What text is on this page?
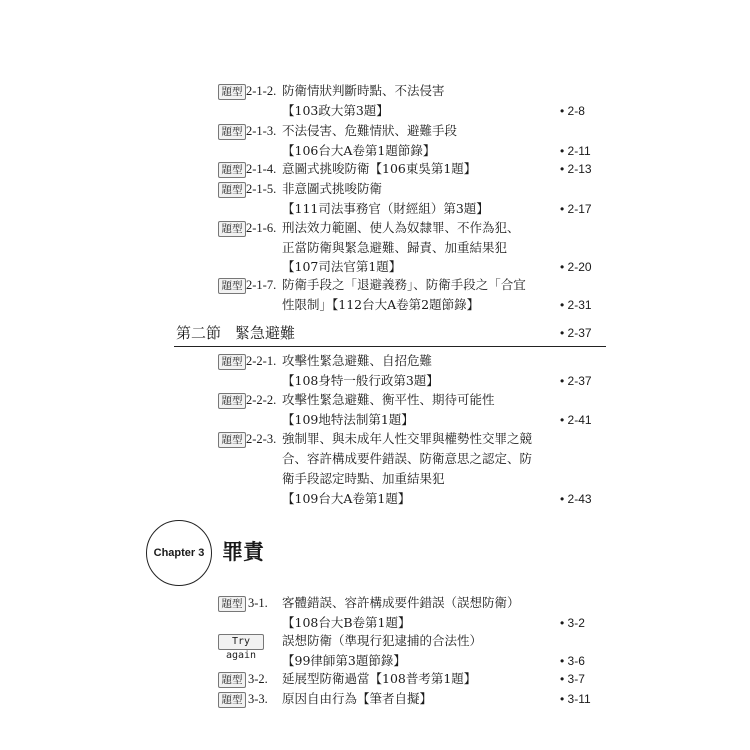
題型 2-1-2. 防衛情狀判斷時點、不法侵害
【103政大第3題】	• 2-8
題型 2-1-3. 不法侵害、危難情狀、避難手段
【106台大A卷第1題節錄】	• 2-11
題型 2-1-4. 意圖式挑唆防衛【106東吳第1題】	• 2-13
題型 2-1-5. 非意圖式挑唆防衛
【111司法事務官（財經組）第3題】	• 2-17
題型 2-1-6. 刑法效力範圍、使人為奴隸罪、不作為犯、
正當防衛與緊急避難、歸責、加重結果犯
【107司法官第1題】	• 2-20
題型 2-1-7. 防衛手段之「退避義務」、防衛手段之「合宜
性限制」【112台大A卷第2題節錄】	• 2-31
第二節 緊急避難	• 2-37
題型 2-2-1. 攻擊性緊急避難、自招危難
【108身特一般行政第3題】	• 2-37
題型 2-2-2. 攻擊性緊急避難、衡平性、期待可能性
【109地特法制第1題】	• 2-41
題型 2-2-3. 強制罪、與未成年人性交罪與權勢性交罪之競
合、容許構成要件錯誤、防衛意思之認定、防
衛手段認定時點、加重結果犯
【109台大A卷第1題】	• 2-43
Chapter 3 罪責
題型 3-1. 客體錯誤、容許構成要件錯誤（誤想防衛）
【108台大B卷第1題】	• 3-2
Try again
誤想防衛（準現行犯逮捕的合法性）
【99律師第3題節錄】	• 3-6
題型 3-2. 延展型防衛過當【108普考第1題】	• 3-7
題型 3-3. 原因自由行為【筆者自擬】	• 3-11
